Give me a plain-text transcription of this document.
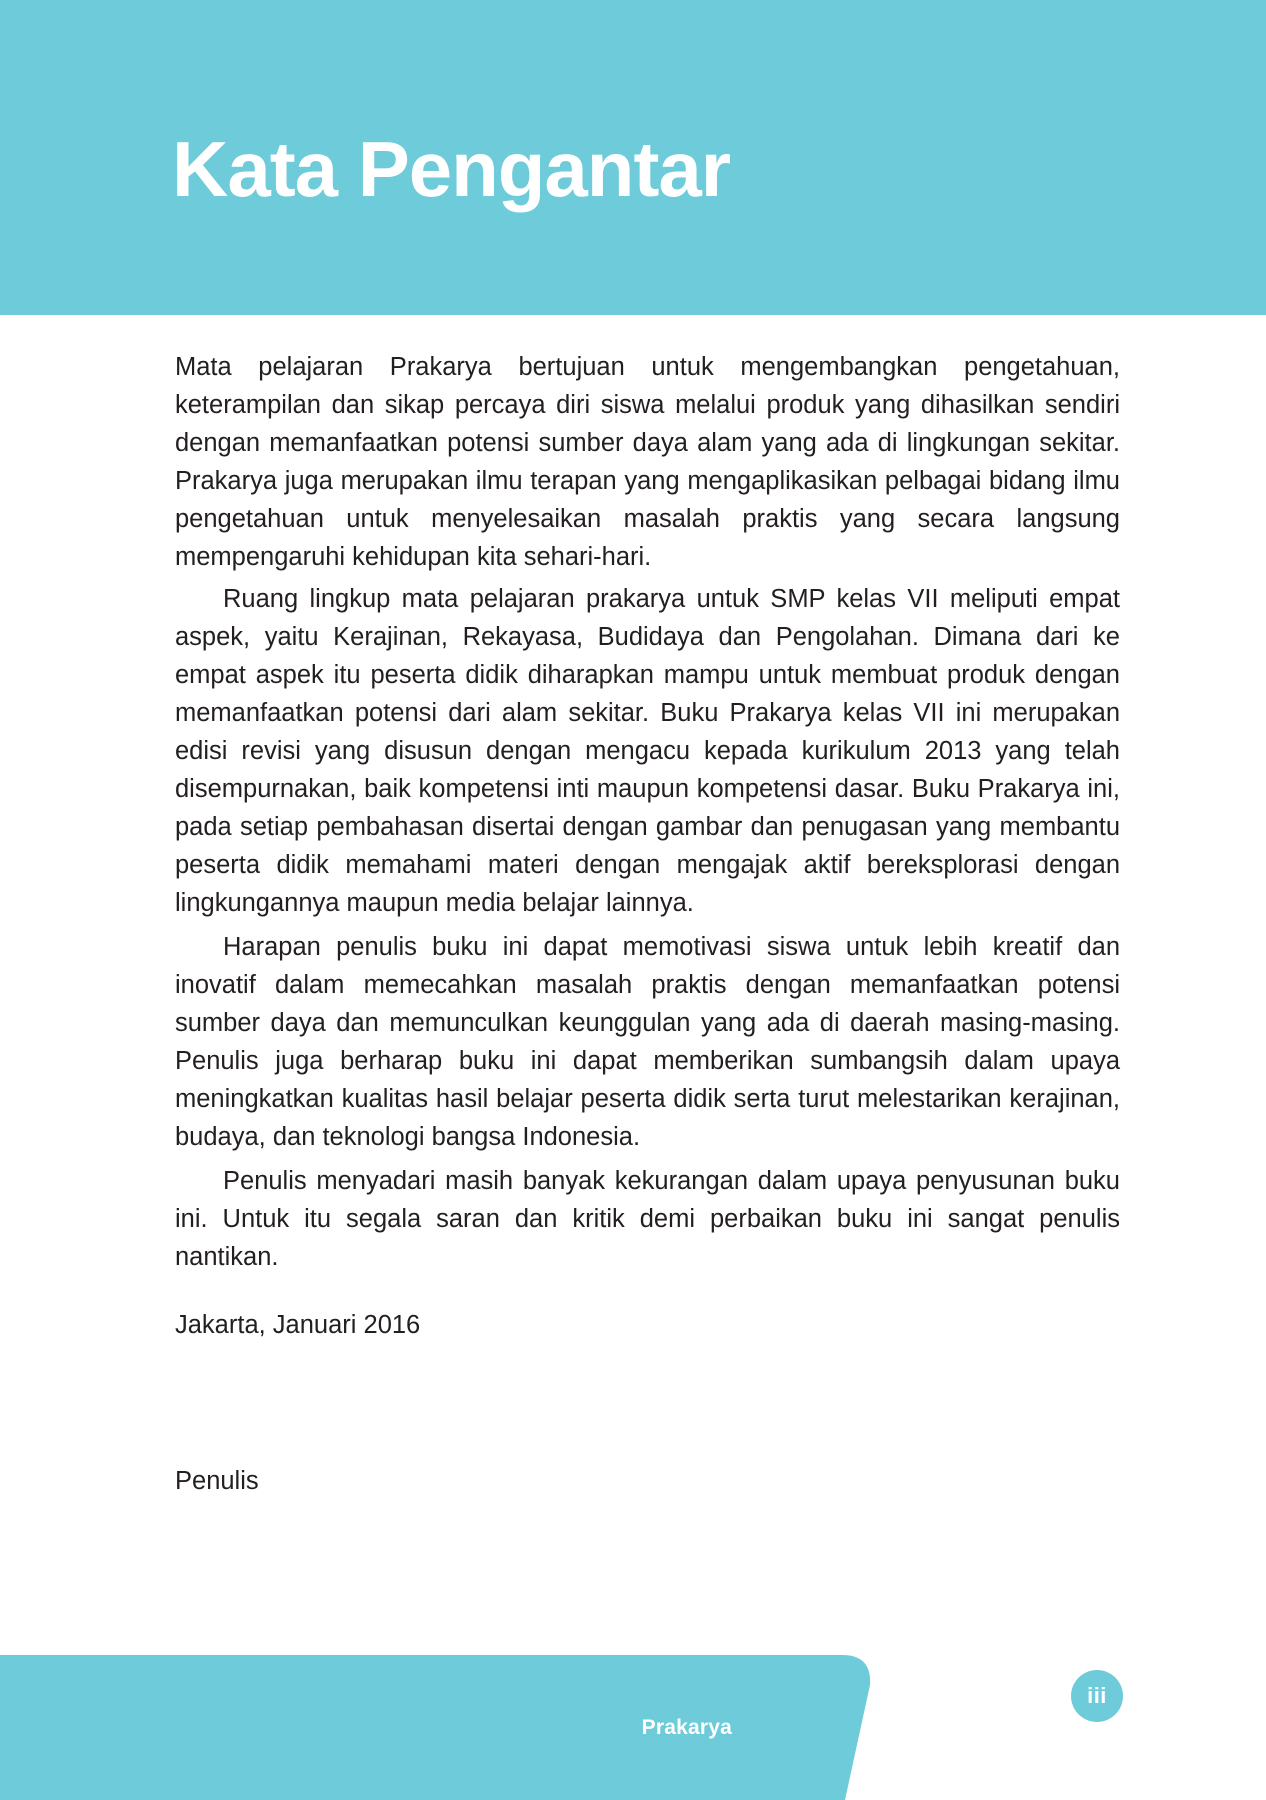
Kata Pengantar

Mata pelajaran Prakarya bertujuan untuk mengembangkan pengetahuan, keterampilan dan sikap percaya diri siswa melalui produk yang dihasilkan sendiri dengan memanfaatkan potensi sumber daya alam yang ada di lingkungan sekitar. Prakarya juga merupakan ilmu terapan yang mengaplikasikan pelbagai bidang ilmu pengetahuan untuk menyelesaikan masalah praktis yang secara langsung mempengaruhi kehidupan kita sehari-hari.

Ruang lingkup mata pelajaran prakarya untuk SMP kelas VII meliputi empat aspek, yaitu Kerajinan, Rekayasa, Budidaya dan Pengolahan. Dimana dari ke empat aspek itu peserta didik diharapkan mampu untuk membuat produk dengan memanfaatkan potensi dari alam sekitar. Buku Prakarya kelas VII ini merupakan edisi revisi yang disusun dengan mengacu kepada kurikulum 2013 yang telah disempurnakan, baik kompetensi inti maupun kompetensi dasar. Buku Prakarya ini, pada setiap pembahasan disertai dengan gambar dan penugasan yang membantu peserta didik memahami materi dengan mengajak aktif bereksplorasi dengan lingkungannya maupun media belajar lainnya.

Harapan penulis buku ini dapat memotivasi siswa untuk lebih kreatif dan inovatif dalam memecahkan masalah praktis dengan memanfaatkan potensi sumber daya dan memunculkan keunggulan yang ada di daerah masing-masing. Penulis juga berharap buku ini dapat memberikan sumbangsih dalam upaya meningkatkan kualitas hasil belajar peserta didik serta turut melestarikan kerajinan, budaya, dan teknologi bangsa Indonesia.

Penulis menyadari masih banyak kekurangan dalam upaya penyusunan buku ini. Untuk itu segala saran dan kritik demi perbaikan buku ini sangat penulis nantikan.

Jakarta, Januari 2016
Penulis
Prakarya
iii
